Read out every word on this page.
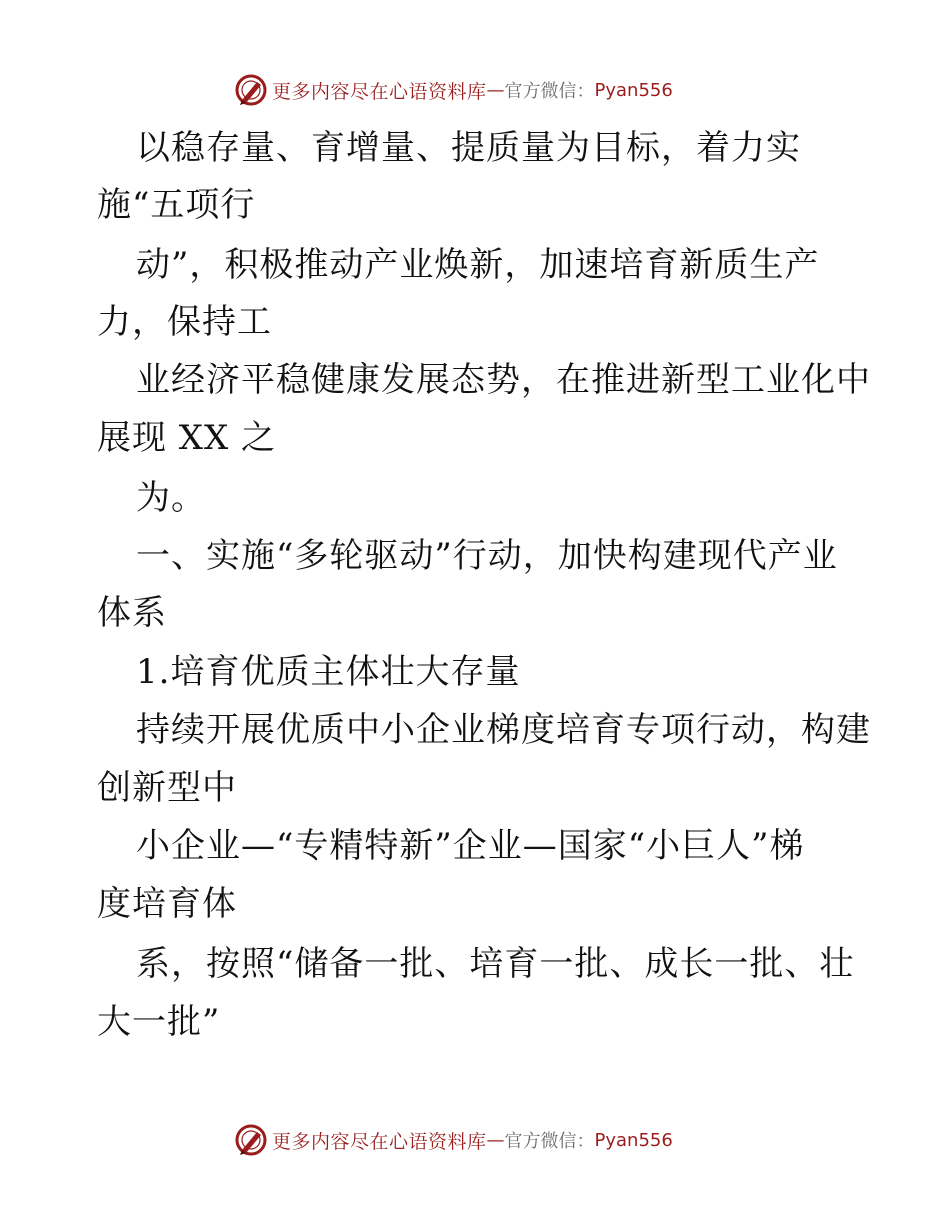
更多内容尽在心语资料库 — 官方微信： Pyan556
以稳存量、育增量、提质量为目标，着力实
施“五项行
动”，积极推动产业焕新，加速培育新质生产
力，保持工
业经济平稳健康发展态势，在推进新型工业化中
展现 XX 之
为。
一、实施“多轮驱动”行动，加快构建现代产业
体系
1.培育优质主体壮大存量
持续开展优质中小企业梯度培育专项行动，构建
创新型中
小企业—“专精特新”企业—国家“小巨人”梯
度培育体
系，按照“储备一批、培育一批、成长一批、壮
大一批”
更多内容尽在心语资料库 — 官方微信： Pyan556
